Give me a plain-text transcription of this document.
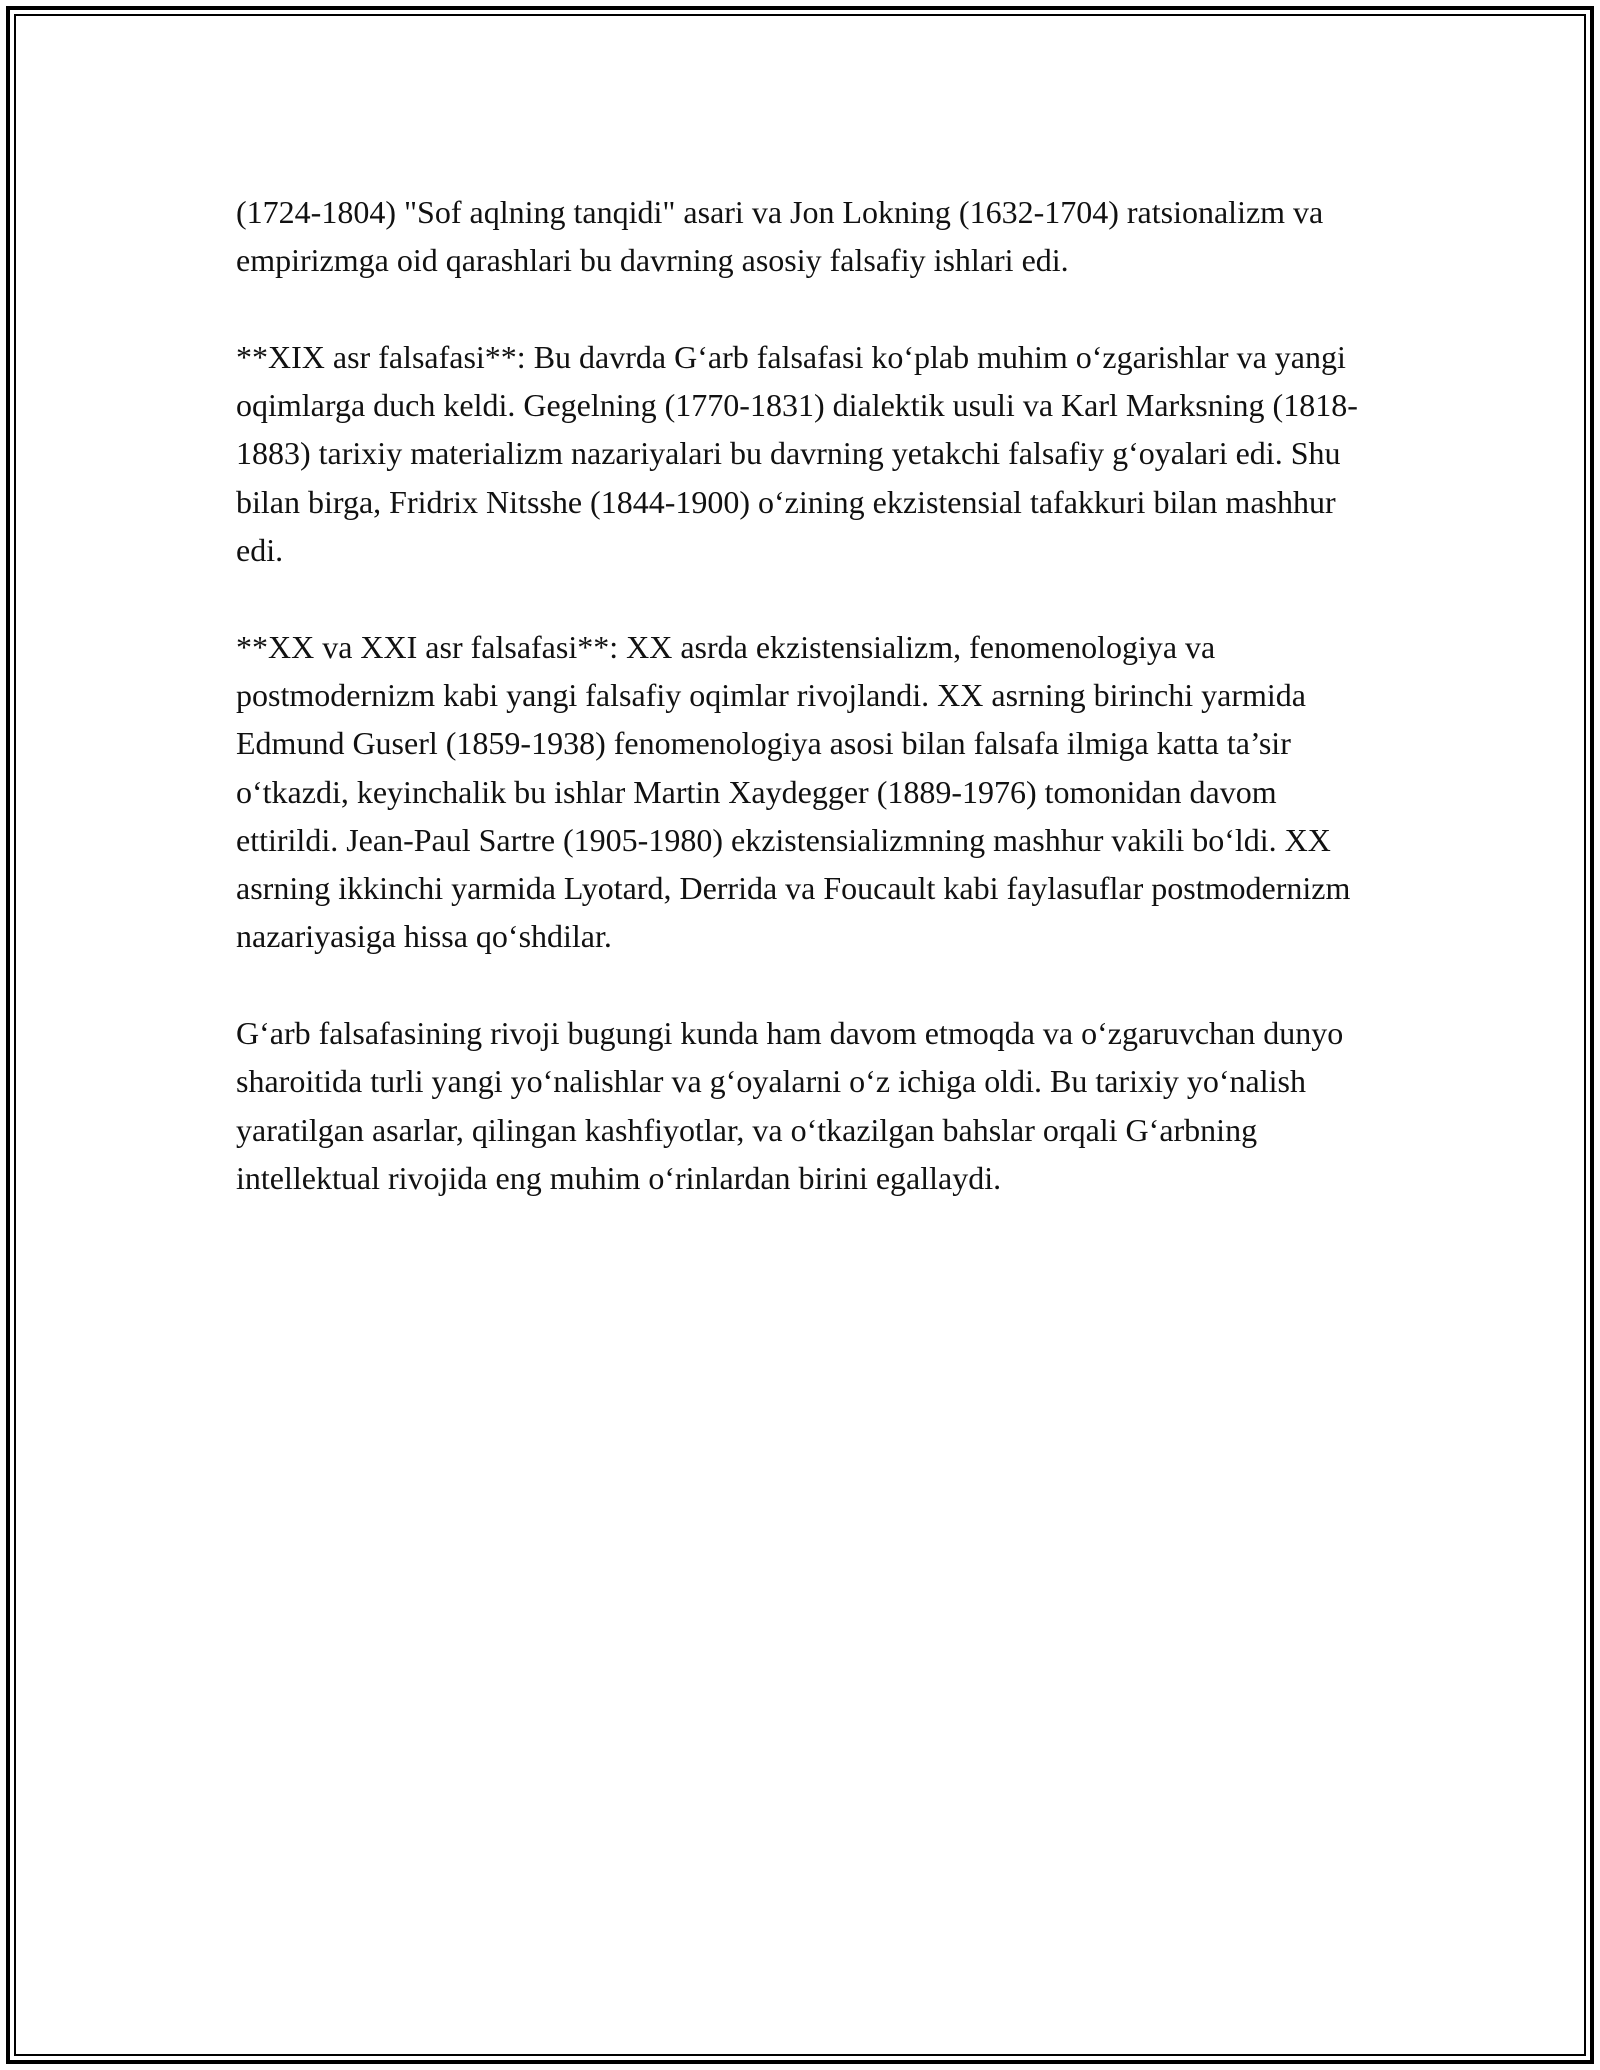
(1724-1804) "Sof aqlning tanqidi" asari va Jon Lokning (1632-1704) ratsionalizm va empirizmga oid qarashlari bu davrning asosiy falsafiy ishlari edi.

**XIX asr falsafasi**: Bu davrda G‘arb falsafasi ko‘plab muhim o‘zgarishlar va yangi oqimlarga duch keldi. Gegelning (1770-1831) dialektik usuli va Karl Marksning (1818-1883) tarixiy materializm nazariyalari bu davrning yetakchi falsafiy g‘oyalari edi. Shu bilan birga, Fridrix Nitsshe (1844-1900) o‘zining ekzistensial tafakkuri bilan mashhur edi.

**XX va XXI asr falsafasi**: XX asrda ekzistensializm, fenomenologiya va postmodernizm kabi yangi falsafiy oqimlar rivojlandi. XX asrning birinchi yarmida Edmund Guserl (1859-1938) fenomenologiya asosi bilan falsafa ilmiga katta ta’sir o‘tkazdi, keyinchalik bu ishlar Martin Xaydegger (1889-1976) tomonidan davom ettirildi. Jean-Paul Sartre (1905-1980) ekzistensializmning mashhur vakili bo‘ldi. XX asrning ikkinchi yarmida Lyotard, Derrida va Foucault kabi faylasuflar postmodernizm nazariyasiga hissa qo‘shdilar.

G‘arb falsafasining rivoji bugungi kunda ham davom etmoqda va o‘zgaruvchan dunyo sharoitida turli yangi yo‘nalishlar va g‘oyalarni o‘z ichiga oldi. Bu tarixiy yo‘nalish yaratilgan asarlar, qilingan kashfiyotlar, va o‘tkazilgan bahslar orqali G‘arbning intellektual rivojida eng muhim o‘rinlardan birini egallaydi.
